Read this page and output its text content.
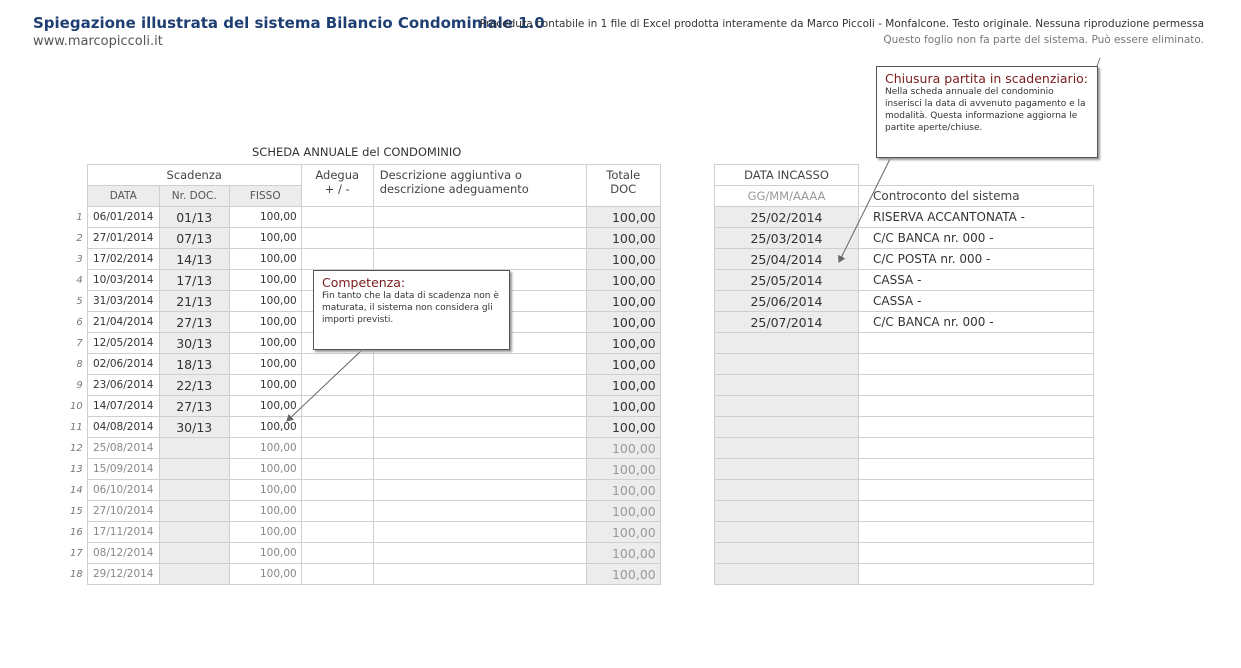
Spiegazione illustrata del sistema Bilancio Condominiale 1.0
www.marcopiccoli.it
Procedura contabile in 1 file di Excel prodotta interamente da Marco Piccoli - Monfalcone. Testo originale. Nessuna riproduzione permessa
Questo foglio non fa parte del sistema. Può essere eliminato.
SCHEDA ANNUALE del CONDOMINIO
	Scadenza			Adegua
+ / -	Descrizione aggiuntiva o
descrizione adeguamento	Totale
DOC
	DATA	Nr. DOC.	FISSO			
1	06/01/2014	01/13	100,00			100,00
2	27/01/2014	07/13	100,00			100,00
3	17/02/2014	14/13	100,00			100,00
4	10/03/2014	17/13	100,00			100,00
5	31/03/2014	21/13	100,00			100,00
6	21/04/2014	27/13	100,00			100,00
7	12/05/2014	30/13	100,00			100,00
8	02/06/2014	18/13	100,00			100,00
9	23/06/2014	22/13	100,00			100,00
10	14/07/2014	27/13	100,00			100,00
11	04/08/2014	30/13	100,00			100,00
12	25/08/2014		100,00			100,00
13	15/09/2014		100,00			100,00
14	06/10/2014		100,00			100,00
15	27/10/2014		100,00			100,00
16	17/11/2014		100,00			100,00
17	08/12/2014		100,00			100,00
18	29/12/2014		100,00			100,00
DATA INCASSO	
GG/MM/AAAA	Controconto del sistema
25/02/2014	RISERVA ACCANTONATA -
25/03/2014	C/C BANCA nr. 000 -
25/04/2014	C/C POSTA nr. 000 -
25/05/2014	CASSA -
25/06/2014	CASSA -
25/07/2014	C/C BANCA nr. 000 -

Chiusura partita in scadenziario:
Nella scheda annuale del condominio inserisci la data di avvenuto pagamento e la modalità. Questa informazione aggiorna le partite aperte/chiuse.
Competenza:
Fin tanto che la data di scadenza non è maturata, il sistema non considera gli importi previsti.
